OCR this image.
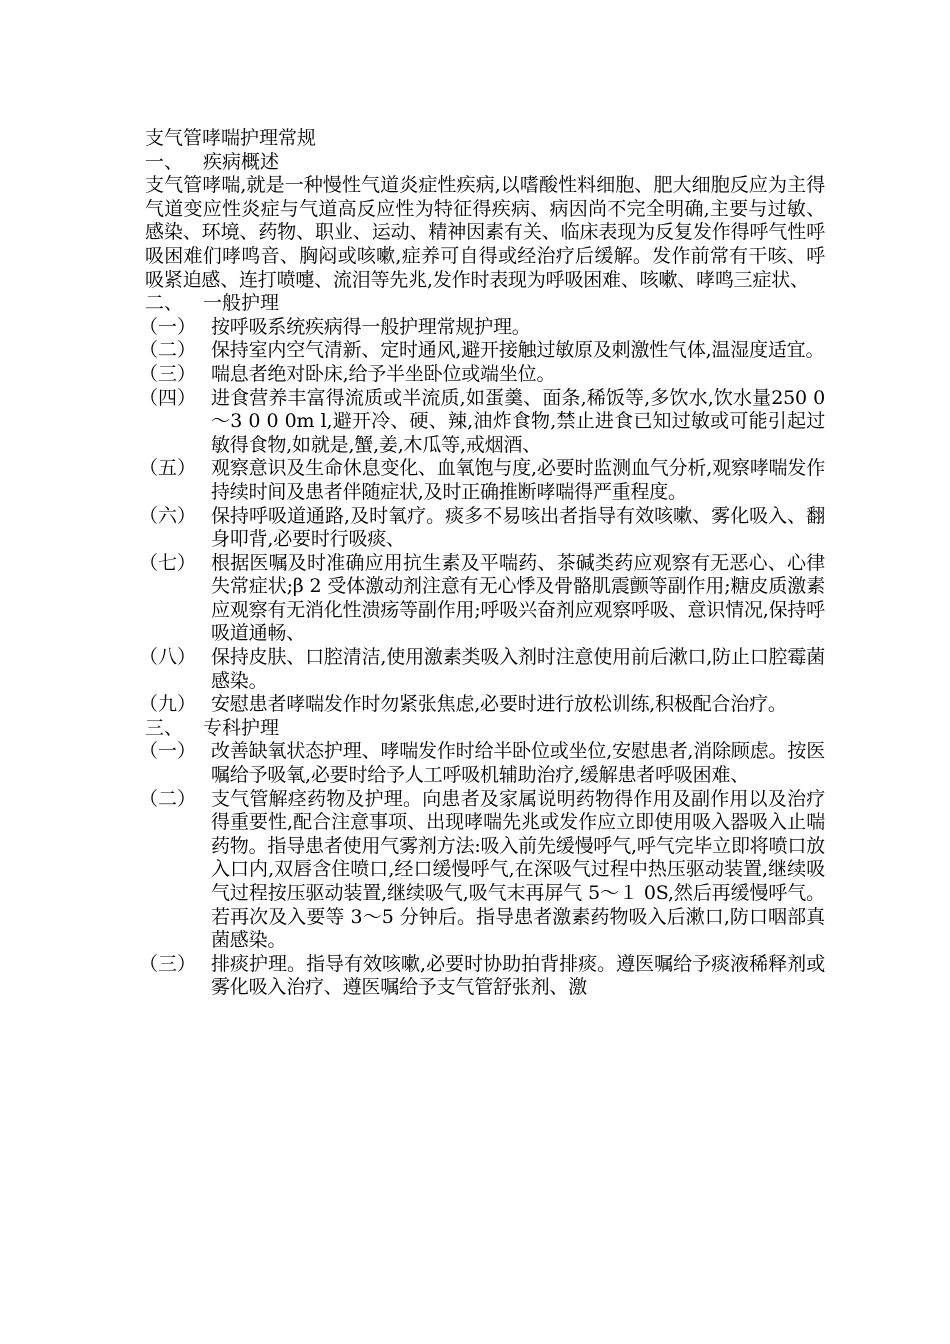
支气管哮喘护理常规

一、	疾病概述

支气管哮喘,就是一种慢性气道炎症性疾病,以嗜酸性料细胞、肥大细胞反应为主得气道变应性炎症与气道高反应性为特征得疾病、病因尚不完全明确,主要与过敏、感染、环境、药物、职业、运动、精神因素有关、临床表现为反复发作得呼气性呼吸困难们哮鸣音、胸闷或咳嗽,症养可自得或经治疗后缓解。发作前常有干咳、呼吸紧迫感、连打喷嚏、流泪等先兆,发作时表现为呼吸困难、咳嗽、哮鸣三症状、

二、	一般护理
（一） 按呼吸系统疾病得一般护理常规护理。
（二） 保持室内空气清新、定时通风,避开接触过敏原及刺激性气体,温湿度适宜。
（三） 喘息者绝对卧床,给予半坐卧位或端坐位。
（四） 进食营养丰富得流质或半流质,如蛋羹、面条,稀饭等,多饮水,饮水量250 0～3 0 0 0m l,避开冷、硬、辣,油炸食物,禁止进食已知过敏或可能引起过敏得食物,如就是,蟹,姜,木瓜等,戒烟酒、
（五） 观察意识及生命休息变化、血氧饱与度,必要时监测血气分析,观察哮喘发作持续时间及患者伴随症状,及时正确推断哮喘得严重程度。
（六） 保持呼吸道通路,及时氧疗。痰多不易咳出者指导有效咳嗽、雾化吸入、翻身叩背,必要时行吸痰、
（七） 根据医嘱及时准确应用抗生素及平喘药、茶碱类药应观察有无恶心、心律失常症状;β 2 受体激动剂注意有无心悸及骨骼肌震颤等副作用;糖皮质激素应观察有无消化性溃疡等副作用;呼吸兴奋剂应观察呼吸、意识情况,保持呼吸道通畅、
（八） 保持皮肤、口腔清洁,使用激素类吸入剂时注意使用前后漱口,防止口腔霉菌感染。
（九） 安慰患者哮喘发作时勿紧张焦虑,必要时进行放松训练,积极配合治疗。
三、	专科护理
（一） 改善缺氧状态护理、哮喘发作时给半卧位或坐位,安慰患者,消除顾虑。按医嘱给予吸氧,必要时给予人工呼吸机辅助治疗,缓解患者呼吸困难、
（二） 支气管解痉药物及护理。向患者及家属说明药物得作用及副作用以及治疗得重要性,配合注意事项、出现哮喘先兆或发作应立即使用吸入器吸入止喘药物。指导患者使用气雾剂方法:吸入前先缓慢呼气,呼气完毕立即将喷口放入口内,双唇含住喷口,经口缓慢呼气,在深吸气过程中热压驱动装置,继续吸气过程按压驱动装置,继续吸气,吸气末再屏气 5～１ 0S,然后再缓慢呼气。若再次及入要等 3～5 分钟后。指导患者激素药物吸入后漱口,防口咽部真菌感染。
（三） 排痰护理。指导有效咳嗽,必要时协助拍背排痰。遵医嘱给予痰液稀释剂或雾化吸入治疗、遵医嘱给予支气管舒张剂、激
